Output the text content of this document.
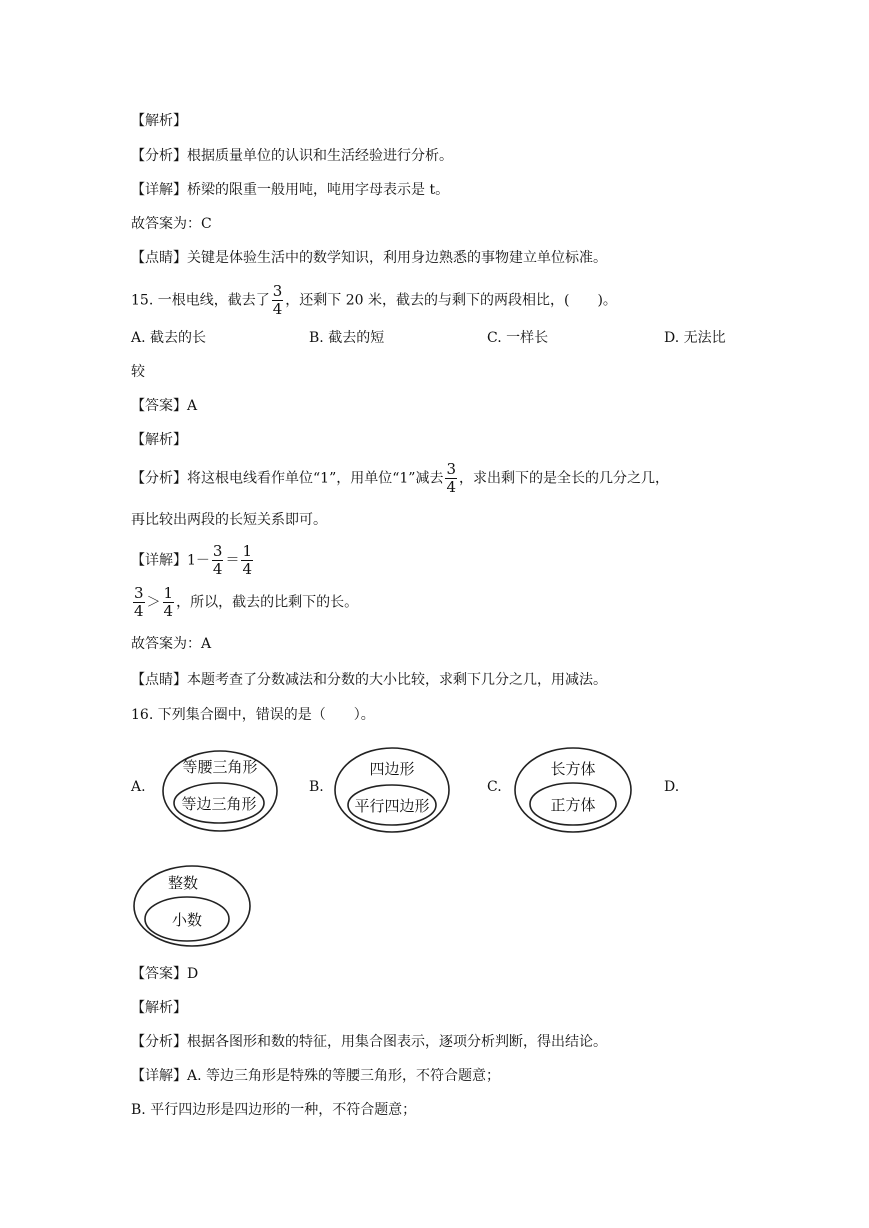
【解析】
【分析】根据质量单位的认识和生活经验进行分析。
【详解】桥梁的限重一般用吨，吨用字母表示是 t。
故答案为：C
【点睛】关键是体验生活中的数学知识，利用身边熟悉的事物建立单位标准。
15. 一根电线，截去了 $\frac{3}{4}$ ，还剩下 20 米，截去的与剩下的两段相比，(　　)。
A. 截去的长	B. 截去的短	C. 一样长	D. 无法比
较
【答案】A
【解析】
【分析】将这根电线看作单位“1”，用单位“1”减去 $\frac{3}{4}$ ，求出剩下的是全长的几分之几，
再比较出两段的长短关系即可。
【详解】$1- \frac{3}{4} = \frac{1}{4}$
$\frac{3}{4} > \frac{1}{4}$ ，所以，截去的比剩下的长。
故答案为：A
【点睛】本题考查了分数减法和分数的大小比较，求剩下几分之几，用减法。
16. 下列集合圈中，错误的是（　　）。
A.
等腰三角形
等边三角形
B.
四边形
平行四边形
C.
长方体
正方体
D.
整数
小数
【答案】D
【解析】
【分析】根据各图形和数的特征，用集合图表示，逐项分析判断，得出结论。
【详解】A. 等边三角形是特殊的等腰三角形，不符合题意；
B. 平行四边形是四边形的一种，不符合题意；
